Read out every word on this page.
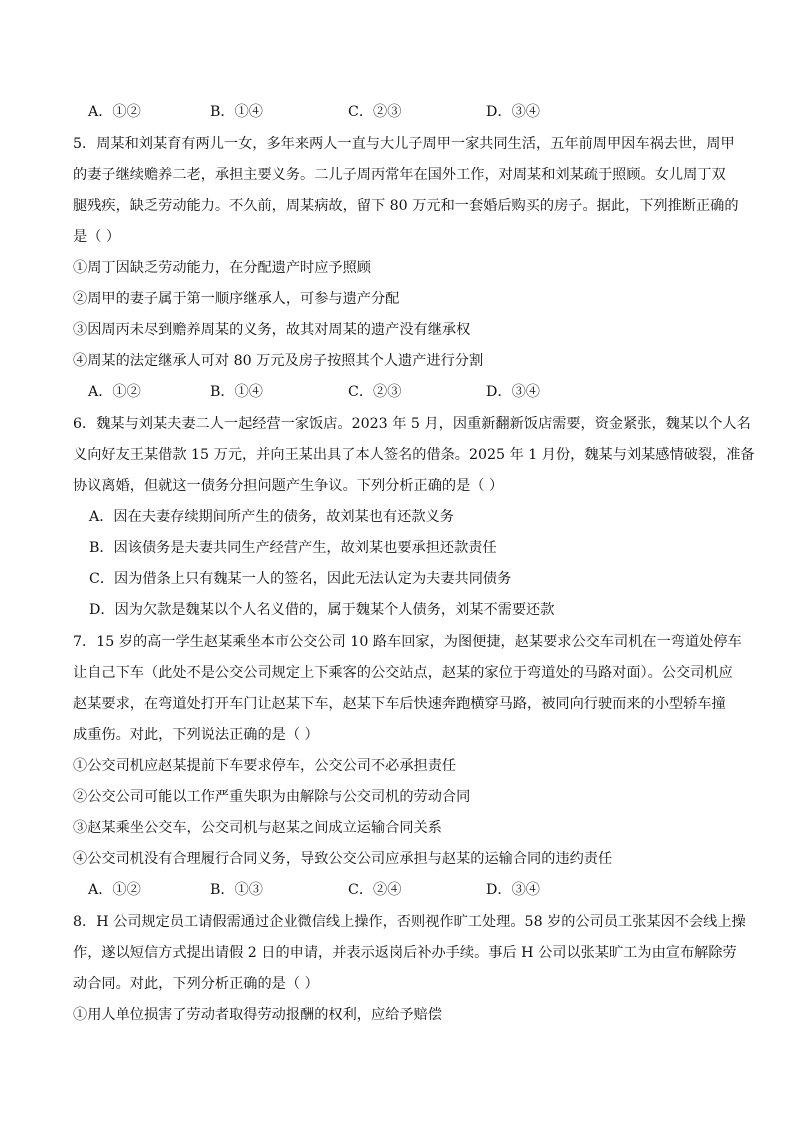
A．①②	B．①④	C．②③	D．③④
5．周某和刘某育有两儿一女，多年来两人一直与大儿子周甲一家共同生活，五年前周甲因车祸去世，周甲
的妻子继续赡养二老，承担主要义务。二儿子周丙常年在国外工作，对周某和刘某疏于照顾。女儿周丁双
腿残疾，缺乏劳动能力。不久前，周某病故，留下 80 万元和一套婚后购买的房子。据此，下列推断正确的
是（ ）
①周丁因缺乏劳动能力，在分配遗产时应予照顾
②周甲的妻子属于第一顺序继承人，可参与遗产分配
③因周丙未尽到赡养周某的义务，故其对周某的遗产没有继承权
④周某的法定继承人可对 80 万元及房子按照其个人遗产进行分割
A．①②	B．①④	C．②③	D．③④
6．魏某与刘某夫妻二人一起经营一家饭店。2023 年 5 月，因重新翻新饭店需要，资金紧张，魏某以个人名
义向好友王某借款 15 万元，并向王某出具了本人签名的借条。2025 年 1 月份，魏某与刘某感情破裂，准备
协议离婚，但就这一债务分担问题产生争议。下列分析正确的是（ ）
A．因在夫妻存续期间所产生的债务，故刘某也有还款义务
B．因该债务是夫妻共同生产经营产生，故刘某也要承担还款责任
C．因为借条上只有魏某一人的签名，因此无法认定为夫妻共同债务
D．因为欠款是魏某以个人名义借的，属于魏某个人债务，刘某不需要还款
7．15 岁的高一学生赵某乘坐本市公交公司 10 路车回家，为图便捷，赵某要求公交车司机在一弯道处停车
让自己下车（此处不是公交公司规定上下乘客的公交站点，赵某的家位于弯道处的马路对面）。公交司机应
赵某要求，在弯道处打开车门让赵某下车，赵某下车后快速奔跑横穿马路，被同向行驶而来的小型轿车撞
成重伤。对此，下列说法正确的是（ ）
①公交司机应赵某提前下车要求停车，公交公司不必承担责任
②公交公司可能以工作严重失职为由解除与公交司机的劳动合同
③赵某乘坐公交车，公交司机与赵某之间成立运输合同关系
④公交司机没有合理履行合同义务，导致公交公司应承担与赵某的运输合同的违约责任
A．①②	B．①③	C．②④	D．③④
8．H 公司规定员工请假需通过企业微信线上操作，否则视作旷工处理。58 岁的公司员工张某因不会线上操
作，遂以短信方式提出请假 2 日的申请，并表示返岗后补办手续。事后 H 公司以张某旷工为由宣布解除劳
动合同。对此，下列分析正确的是（ ）
①用人单位损害了劳动者取得劳动报酬的权利，应给予赔偿
